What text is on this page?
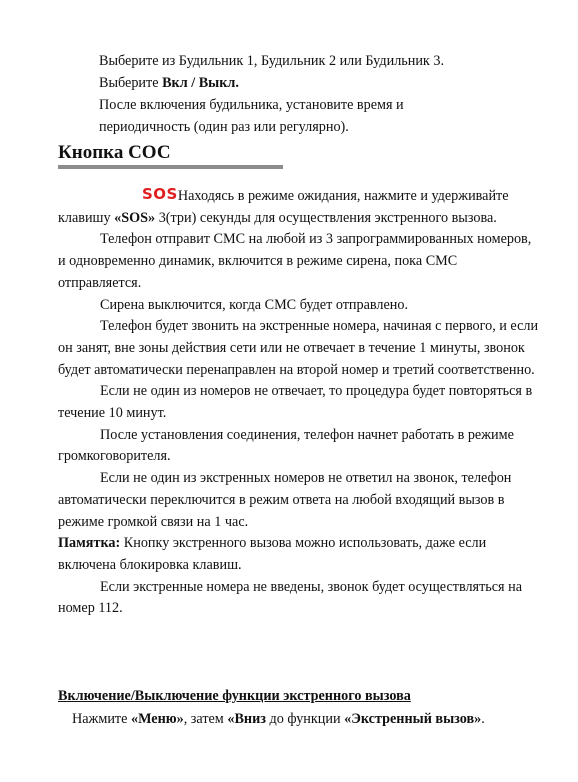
Выберите из Будильник 1, Будильник 2 или Будильник 3.
Выберите Вкл / Выкл.
После включения будильника, установите время и
периодичность (один раз или регулярно).
Кнопка СОС

SOSНаходясь в режиме ожидания, нажмите и удерживайте клавишу «SOS» 3(три) секунды для осуществления экстренного вызова.

Телефон отправит СМС на любой из 3 запрограммированных номеров, и одновременно динамик, включится в режиме сирена, пока СМС отправляется.

Сирена выключится, когда СМС будет отправлено.

Телефон будет звонить на экстренные номера, начиная с первого, и если он занят, вне зоны действия сети или не отвечает в течение 1 минуты, звонок будет автоматически перенаправлен на второй номер и третий соответственно.

Если не один из номеров не отвечает, то процедура будет повторяться в течение 10 минут.

После установления соединения, телефон начнет работать в режиме громкоговорителя.

Если не один из экстренных номеров не ответил на звонок, телефон автоматически переключится в режим ответа на любой входящий вызов в режиме громкой связи на 1 час.

Памятка: Кнопку экстренного вызова можно использовать, даже если включена блокировка клавиш.

Если экстренные номера не введены, звонок будет осуществляться на номер 112.

Включение/Выключение функции экстренного вызова
Нажмите «Меню», затем «Вниз до функции «Экстренный вызов».
